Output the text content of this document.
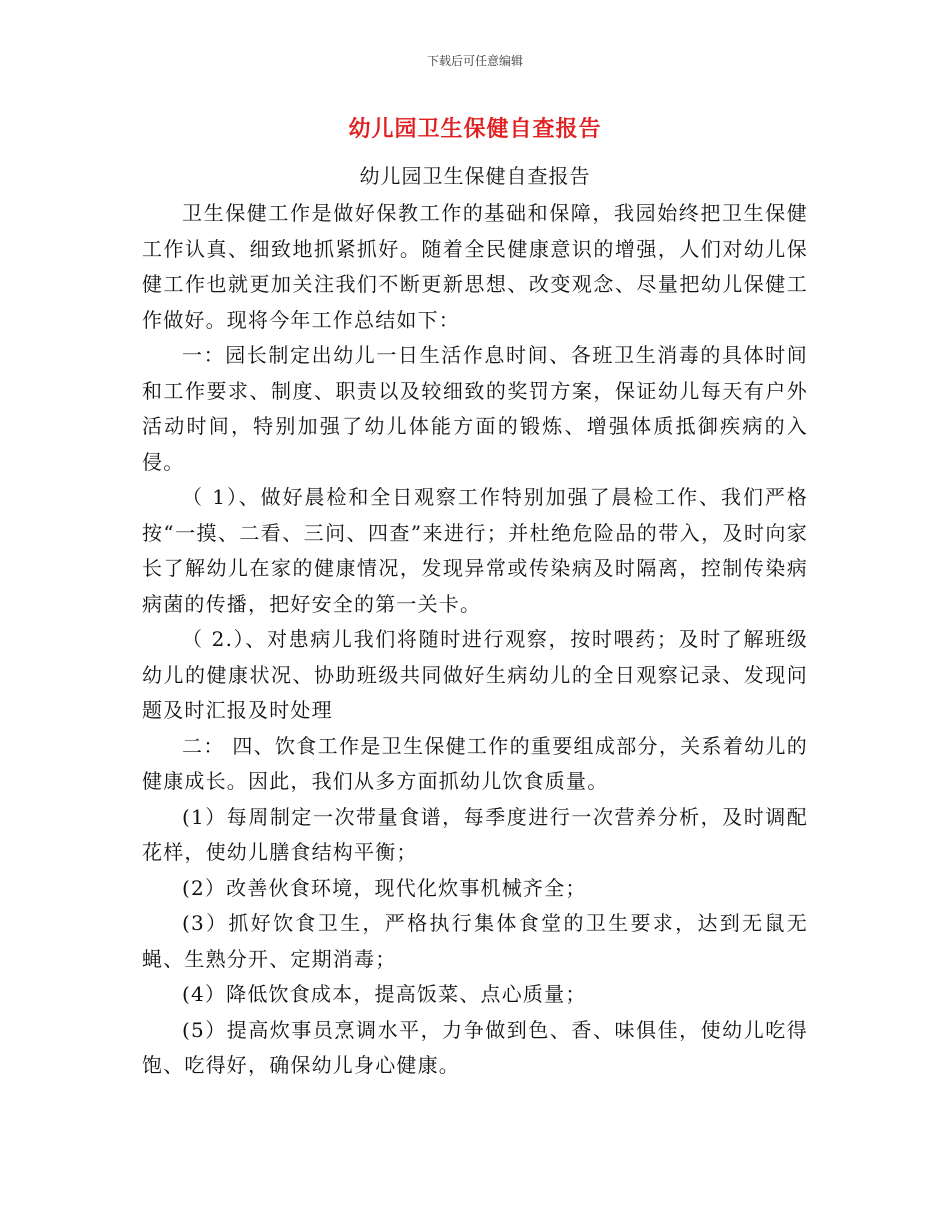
下载后可任意编辑
幼儿园卫生保健自查报告
幼儿园卫生保健自查报告

卫生保健工作是做好保教工作的基础和保障，我园始终把卫生保健工作认真、细致地抓紧抓好。随着全民健康意识的增强，人们对幼儿保健工作也就更加关注我们不断更新思想、改变观念、尽量把幼儿保健工作做好。现将今年工作总结如下：

一：园长制定出幼儿一日生活作息时间、各班卫生消毒的具体时间和工作要求、制度、职责以及较细致的奖罚方案，保证幼儿每天有户外活动时间，特别加强了幼儿体能方面的锻炼、增强体质抵御疾病的入侵。

（ 1）、做好晨检和全日观察工作特别加强了晨检工作、我们严格按“一摸、二看、三问、四查”来进行；并杜绝危险品的带入，及时向家长了解幼儿在家的健康情况，发现异常或传染病及时隔离，控制传染病病菌的传播，把好安全的第一关卡。

（ 2.）、对患病儿我们将随时进行观察，按时喂药；及时了解班级幼儿的健康状况、协助班级共同做好生病幼儿的全日观察记录、发现问题及时汇报及时处理

二： 四、饮食工作是卫生保健工作的重要组成部分，关系着幼儿的健康成长。因此，我们从多方面抓幼儿饮食质量。

(1）每周制定一次带量食谱，每季度进行一次营养分析，及时调配花样，使幼儿膳食结构平衡；

(2）改善伙食环境，现代化炊事机械齐全；

(3）抓好饮食卫生，严格执行集体食堂的卫生要求，达到无鼠无蝇、生熟分开、定期消毒；

(4）降低饮食成本，提高饭菜、点心质量；

(5）提高炊事员烹调水平，力争做到色、香、味俱佳，使幼儿吃得饱、吃得好，确保幼儿身心健康。
